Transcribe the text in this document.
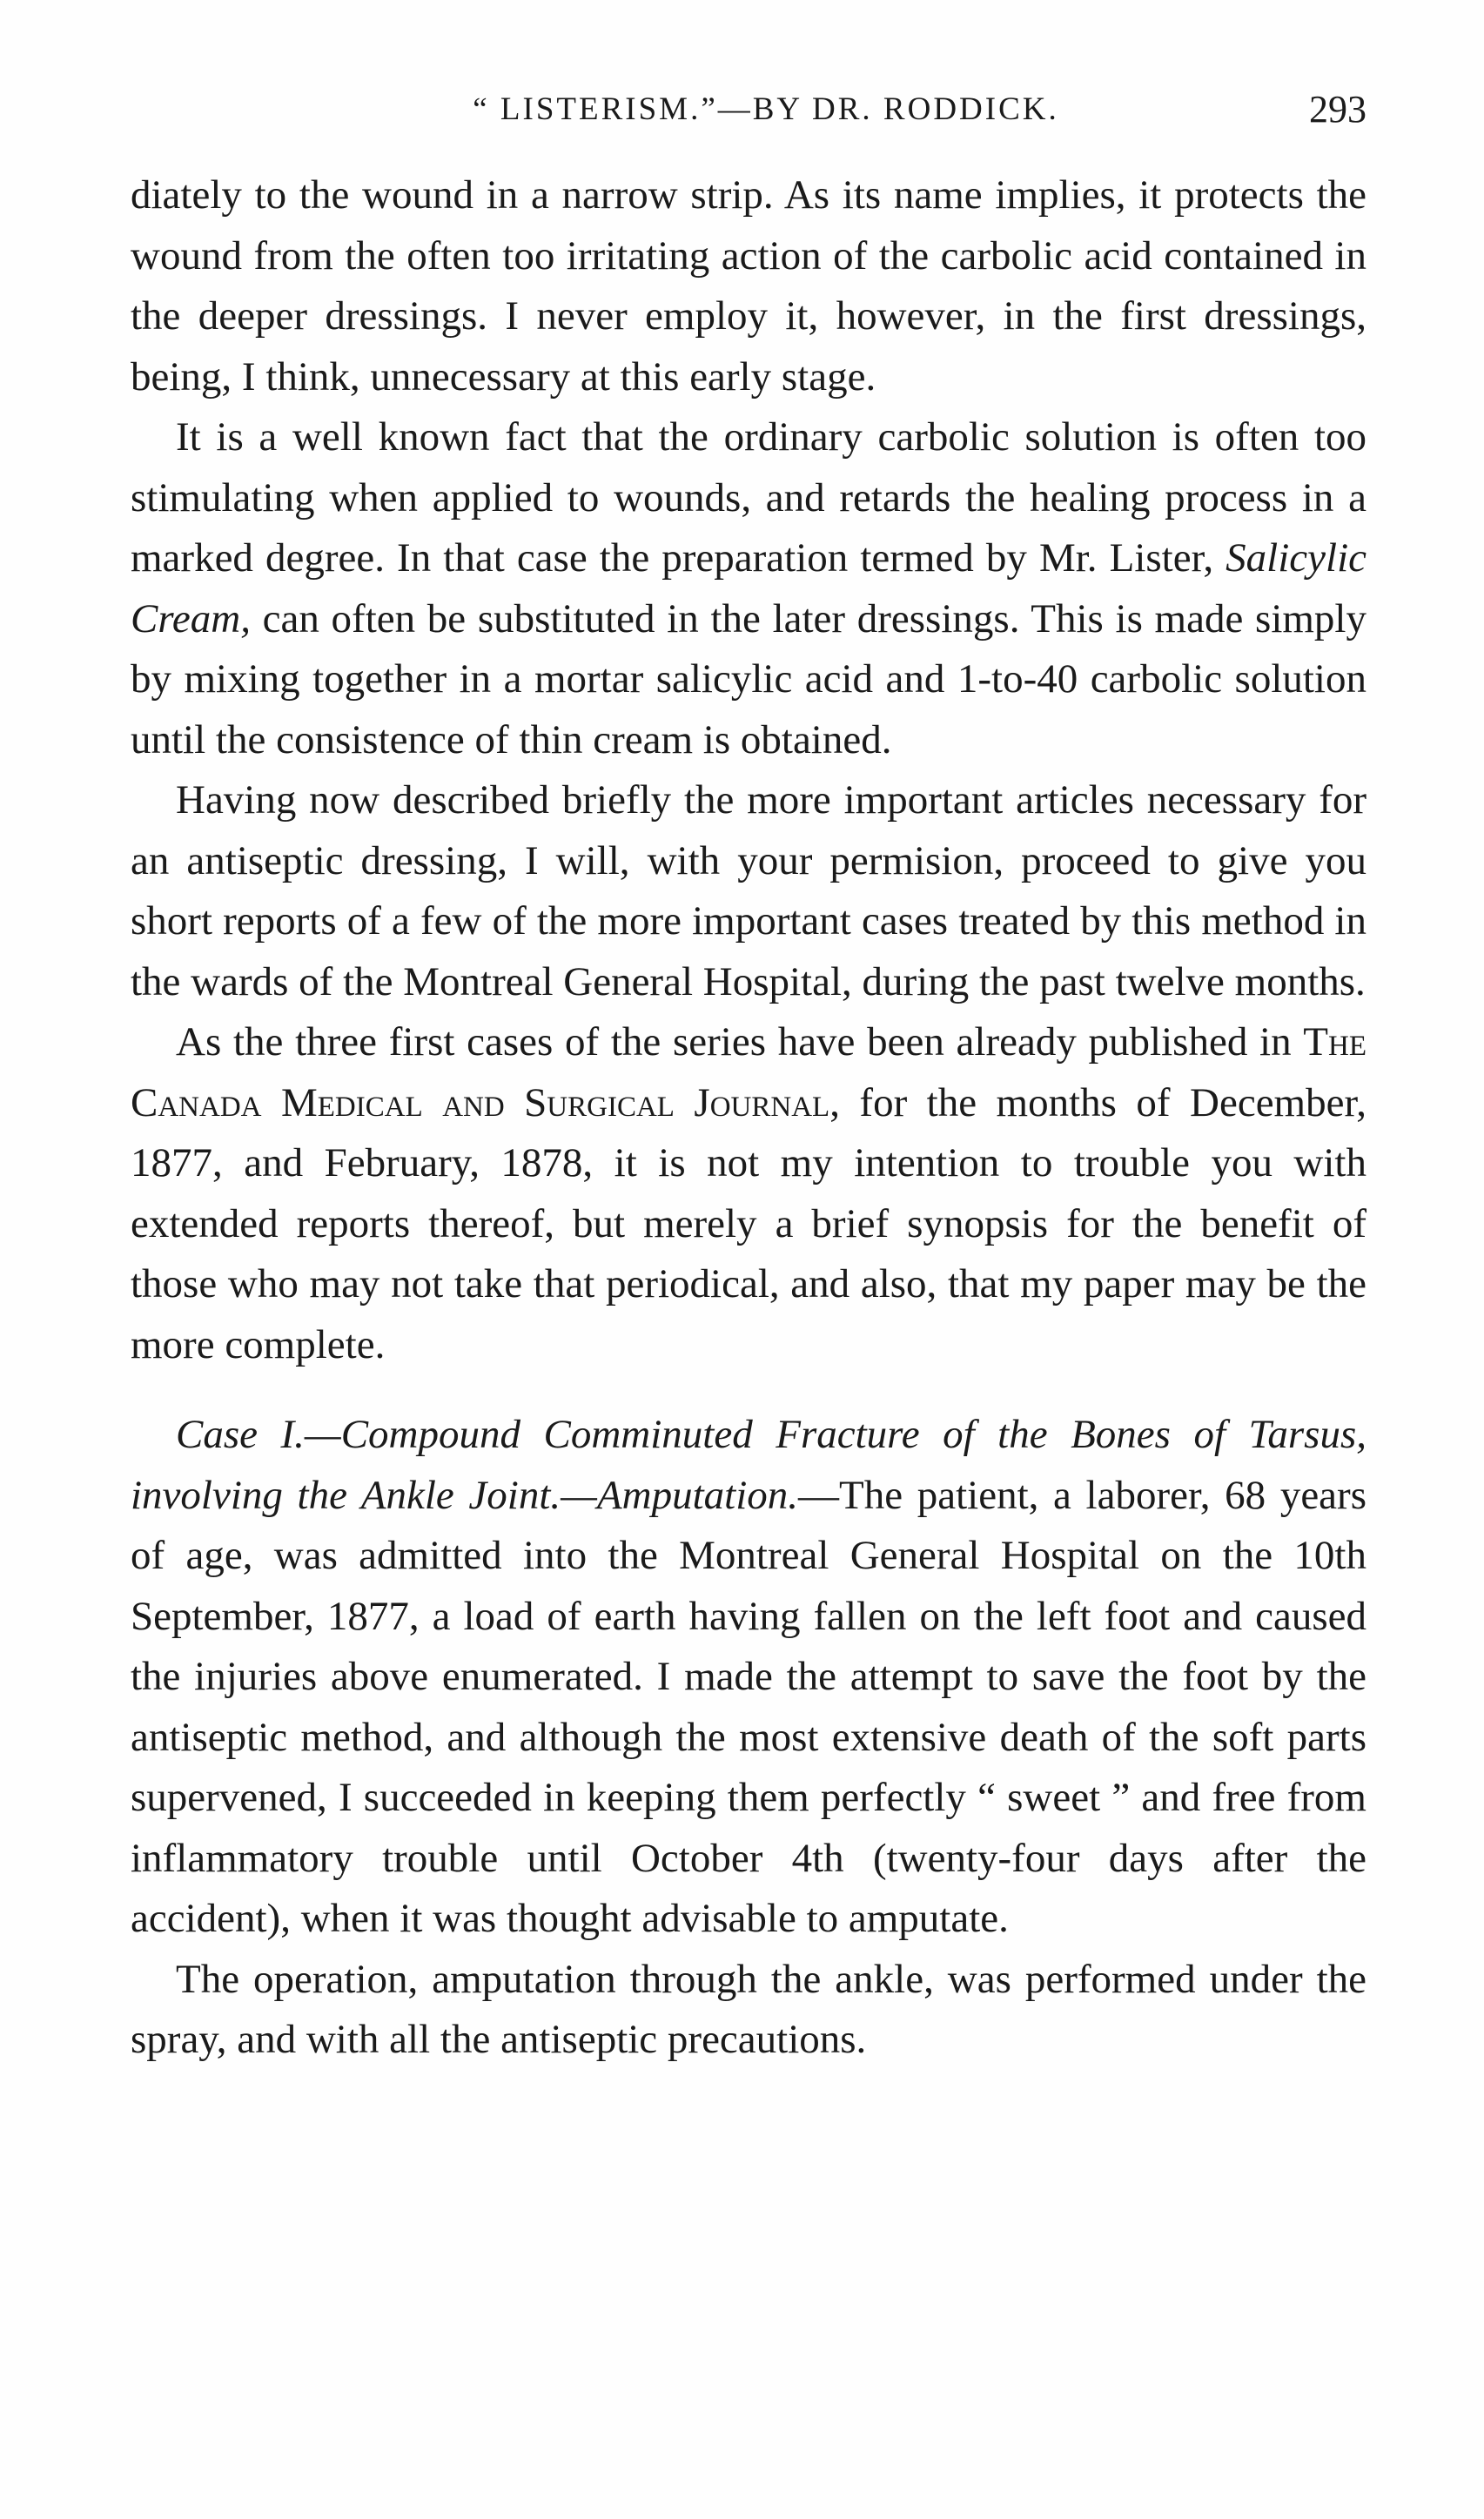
“ LISTERISM.”—BY DR. RODDICK.	293

diately to the wound in a narrow strip. As its name implies, it protects the wound from the often too irritating action of the carbolic acid contained in the deeper dressings. I never employ it, however, in the first dressings, being, I think, unnecessary at this early stage.

It is a well known fact that the ordinary carbolic solution is often too stimulating when applied to wounds, and retards the healing process in a marked degree. In that case the preparation termed by Mr. Lister, Salicylic Cream, can often be substituted in the later dressings. This is made simply by mixing together in a mortar salicylic acid and 1-to-40 carbolic solution until the consistence of thin cream is obtained.

Having now described briefly the more important articles necessary for an antiseptic dressing, I will, with your permision, proceed to give you short reports of a few of the more important cases treated by this method in the wards of the Montreal General Hospital, during the past twelve months.

As the three first cases of the series have been already published in The Canada Medical and Surgical Journal, for the months of December, 1877, and February, 1878, it is not my intention to trouble you with extended reports thereof, but merely a brief synopsis for the benefit of those who may not take that periodical, and also, that my paper may be the more complete.

Case I.—Compound Comminuted Fracture of the Bones of Tarsus, involving the Ankle Joint.—Amputation.—The patient, a laborer, 68 years of age, was admitted into the Montreal General Hospital on the 10th September, 1877, a load of earth having fallen on the left foot and caused the injuries above enumerated. I made the attempt to save the foot by the antiseptic method, and although the most extensive death of the soft parts supervened, I succeeded in keeping them perfectly “ sweet ” and free from inflammatory trouble until October 4th (twenty-four days after the accident), when it was thought advisable to amputate.

The operation, amputation through the ankle, was performed under the spray, and with all the antiseptic precautions.
